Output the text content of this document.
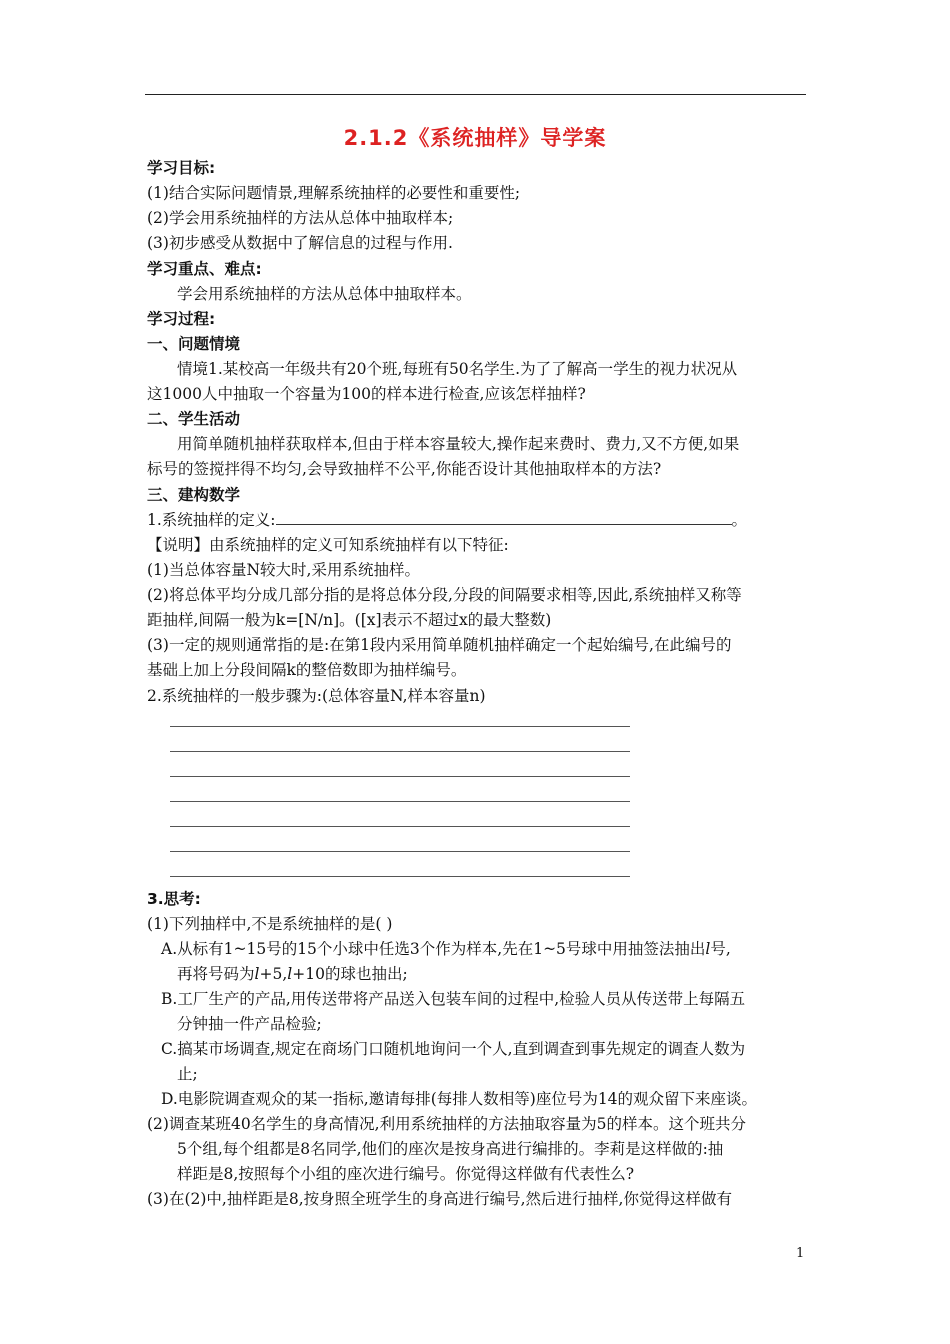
2.1.2《系统抽样》导学案
学习目标:
(1)结合实际问题情景,理解系统抽样的必要性和重要性;
(2)学会用系统抽样的方法从总体中抽取样本;
(3)初步感受从数据中了解信息的过程与作用.
学习重点、难点:
学会用系统抽样的方法从总体中抽取样本。
学习过程:
一、问题情境
情境1.某校高一年级共有20个班,每班有50名学生.为了了解高一学生的视力状况从
这1000人中抽取一个容量为100的样本进行检查,应该怎样抽样?
二、学生活动
用简单随机抽样获取样本,但由于样本容量较大,操作起来费时、费力,又不方便,如果
标号的签搅拌得不均匀,会导致抽样不公平,你能否设计其他抽取样本的方法?
三、建构数学
1.系统抽样的定义:	。
【说明】由系统抽样的定义可知系统抽样有以下特征:
(1)当总体容量N较大时,采用系统抽样。
(2)将总体平均分成几部分指的是将总体分段,分段的间隔要求相等,因此,系统抽样又称等
距抽样,间隔一般为k=[N/n]。([x]表示不超过x的最大整数)
(3)一定的规则通常指的是:在第1段内采用简单随机抽样确定一个起始编号,在此编号的
基础上加上分段间隔k的整倍数即为抽样编号。
2.系统抽样的一般步骤为:(总体容量N,样本容量n)
3.思考:
(1)下列抽样中,不是系统抽样的是( )
A.从标有1~15号的15个小球中任选3个作为样本,先在1~5号球中用抽签法抽出l号,
再将号码为l+5,l+10的球也抽出;
B.工厂生产的产品,用传送带将产品送入包装车间的过程中,检验人员从传送带上每隔五
分钟抽一件产品检验;
C.搞某市场调查,规定在商场门口随机地询问一个人,直到调查到事先规定的调查人数为
止;
D.电影院调查观众的某一指标,邀请每排(每排人数相等)座位号为14的观众留下来座谈。
(2)调查某班40名学生的身高情况,利用系统抽样的方法抽取容量为5的样本。这个班共分
5个组,每个组都是8名同学,他们的座次是按身高进行编排的。李莉是这样做的:抽
样距是8,按照每个小组的座次进行编号。你觉得这样做有代表性么?
(3)在(2)中,抽样距是8,按身照全班学生的身高进行编号,然后进行抽样,你觉得这样做有
1
